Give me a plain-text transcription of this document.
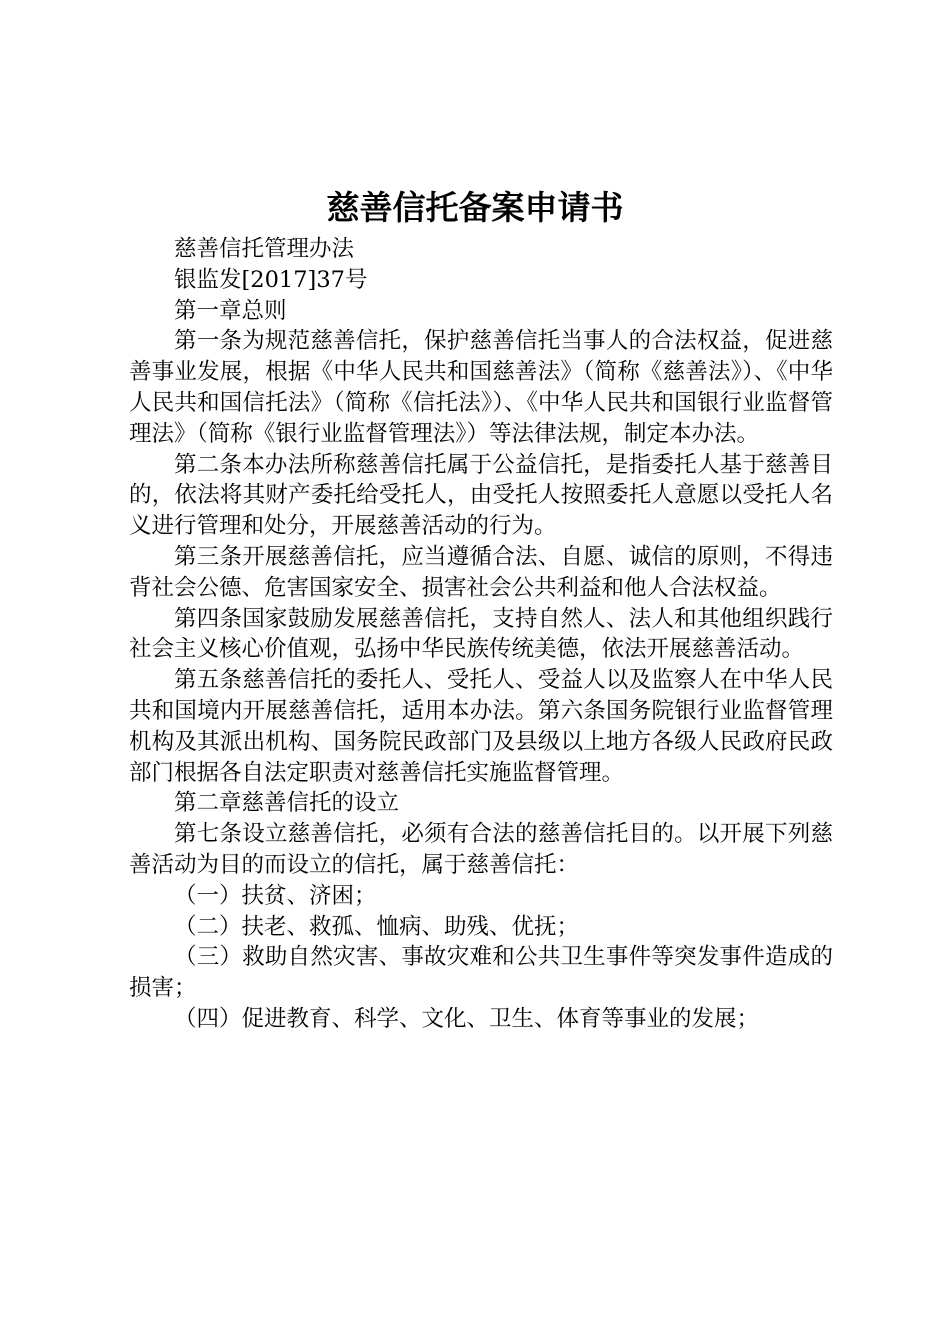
慈善信托备案申请书

慈善信托管理办法

银监发[2017]37号

第一章总则

第一条为规范慈善信托，保护慈善信托当事人的合法权益，促进慈善事业发展，根据《中华人民共和国慈善法》（简称《慈善法》）、《中华人民共和国信托法》（简称《信托法》）、《中华人民共和国银行业监督管理法》（简称《银行业监督管理法》）等法律法规，制定本办法。

第二条本办法所称慈善信托属于公益信托，是指委托人基于慈善目的，依法将其财产委托给受托人，由受托人按照委托人意愿以受托人名义进行管理和处分，开展慈善活动的行为。

第三条开展慈善信托，应当遵循合法、自愿、诚信的原则，不得违背社会公德、危害国家安全、损害社会公共利益和他人合法权益。

第四条国家鼓励发展慈善信托，支持自然人、法人和其他组织践行社会主义核心价值观，弘扬中华民族传统美德，依法开展慈善活动。

第五条慈善信托的委托人、受托人、受益人以及监察人在中华人民共和国境内开展慈善信托，适用本办法。第六条国务院银行业监督管理机构及其派出机构、国务院民政部门及县级以上地方各级人民政府民政部门根据各自法定职责对慈善信托实施监督管理。

第二章慈善信托的设立

第七条设立慈善信托，必须有合法的慈善信托目的。以开展下列慈善活动为目的而设立的信托，属于慈善信托：

（一）扶贫、济困；

（二）扶老、救孤、恤病、助残、优抚；

（三）救助自然灾害、事故灾难和公共卫生事件等突发事件造成的损害；

（四）促进教育、科学、文化、卫生、体育等事业的发展；
